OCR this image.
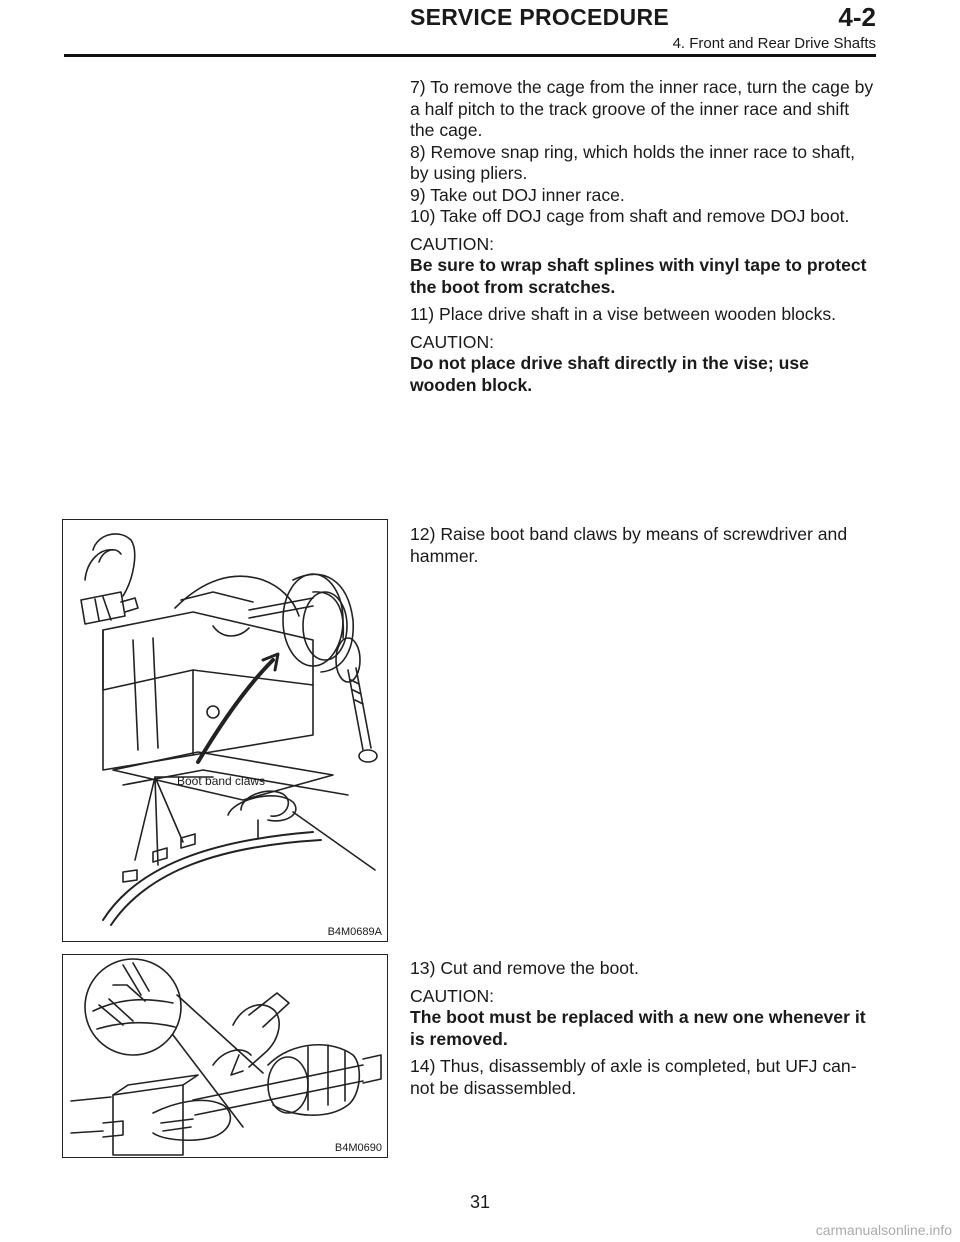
SERVICE PROCEDURE	4-2
4. Front and Rear Drive Shafts

7) To remove the cage from the inner race, turn the cage by a half pitch to the track groove of the inner race and shift the cage.

8) Remove snap ring, which holds the inner race to shaft, by using pliers.

9) Take out DOJ inner race.

10) Take off DOJ cage from shaft and remove DOJ boot.

CAUTION:

Be sure to wrap shaft splines with vinyl tape to protect the boot from scratches.

11) Place drive shaft in a vise between wooden blocks.

CAUTION:

Do not place drive shaft directly in the vise; use wooden block.

Boot band claws
B4M0689A

12) Raise boot band claws by means of screwdriver and hammer.

B4M0690

13) Cut and remove the boot.

CAUTION:

The boot must be replaced with a new one whenever it is removed.

14) Thus, disassembly of axle is completed, but UFJ can-not be disassembled.

31
carmanualsonline.info
